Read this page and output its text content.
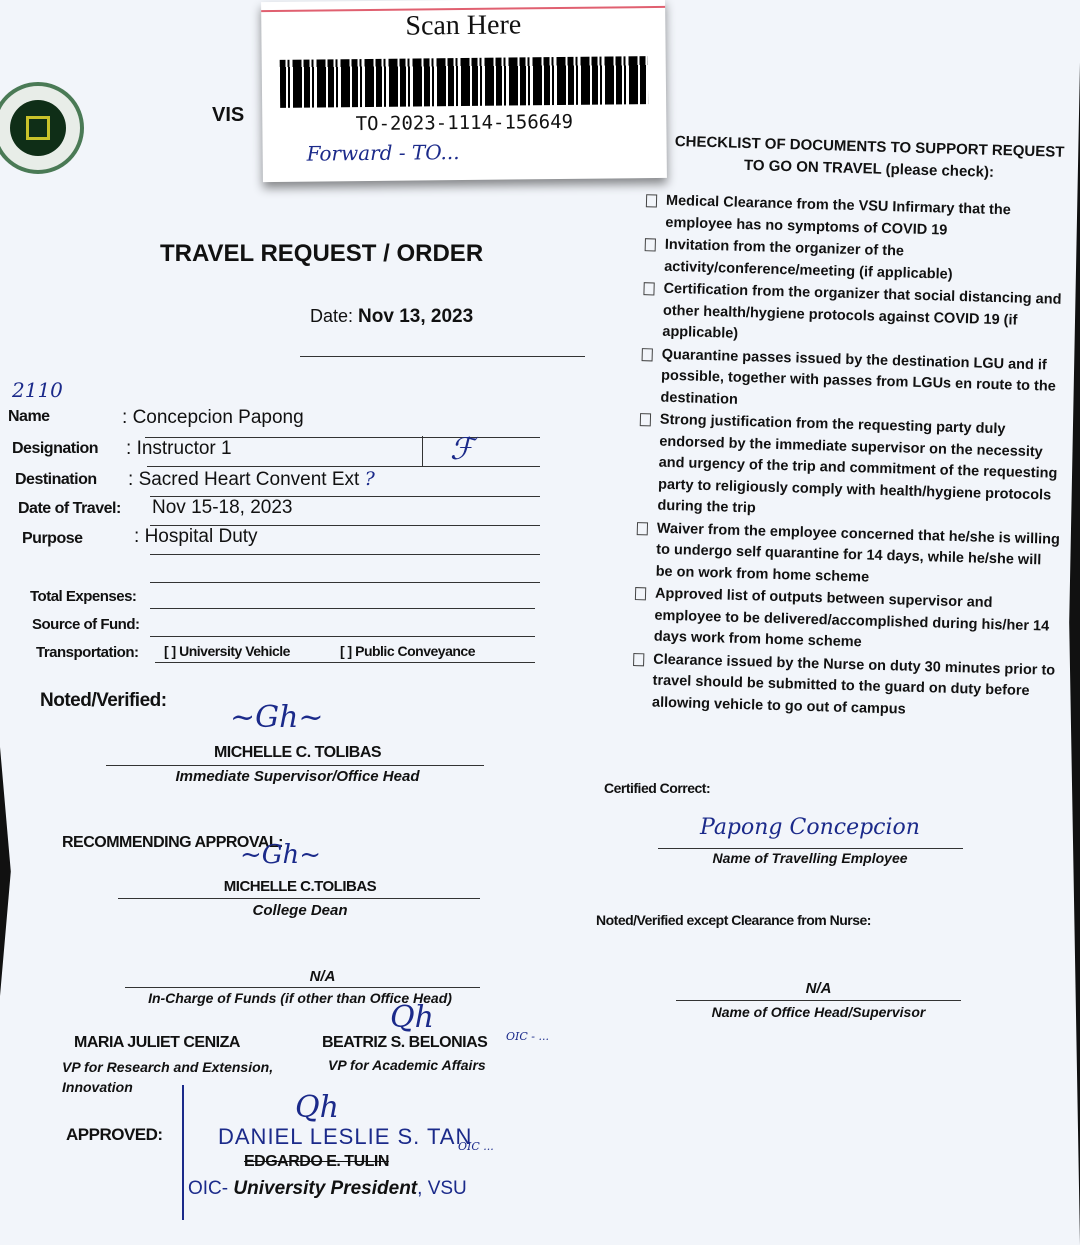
VIS
Scan Here
TO-2023-1114-156649
Forward - TO...
TRAVEL REQUEST / ORDER
Date: Nov 13, 2023
2110
Name	: Concepcion Papong
Designation : Instructor 1
Destination : Sacred Heart Convent Ext ?
ℱ
Date of Travel: Nov 15-18, 2023
Purpose	: Hospital Duty
Total Expenses:
Source of Fund:
Transportation: [ ] University Vehicle	[ ] Public Conveyance
Noted/Verified: ~Gh~
MICHELLE C. TOLIBAS
Immediate Supervisor/Office Head
RECOMMENDING APPROVAL:
~Gh~
MICHELLE C.TOLIBAS
College Dean
N/A
In-Charge of Funds (if other than Office Head)
MARIA JULIET CENIZA
VP for Research and Extension, Innovation
BEATRIZ S. BELONIAS
VP for Academic Affairs
OIC - ...
Qh
APPROVED:	DANIEL LESLIE S. TAN
EDGARDO E. TULIN
OIC ...
OIC- University President, VSU
Qh
CHECKLIST OF DOCUMENTS TO SUPPORT REQUEST TO GO ON TRAVEL (please check):
Medical Clearance from the VSU Infirmary that the employee has no symptoms of COVID 19
Invitation from the organizer of the activity/conference/meeting (if applicable)
Certification from the organizer that social distancing and other health/hygiene protocols against COVID 19 (if applicable)
Quarantine passes issued by the destination LGU and if possible, together with passes from LGUs en route to the destination
Strong justification from the requesting party duly endorsed by the immediate supervisor on the necessity and urgency of the trip and commitment of the requesting party to religiously comply with health/hygiene protocols during the trip
Waiver from the employee concerned that he/she is willing to undergo self quarantine for 14 days, while he/she will be on work from home scheme
Approved list of outputs between supervisor and employee to be delivered/accomplished during his/her 14 days work from home scheme
Clearance issued by the Nurse on duty 30 minutes prior to travel should be submitted to the guard on duty before allowing vehicle to go out of campus
Certified Correct:
Papong Concepcion
Name of Travelling Employee
Noted/Verified except Clearance from Nurse:
N/A
Name of Office Head/Supervisor
